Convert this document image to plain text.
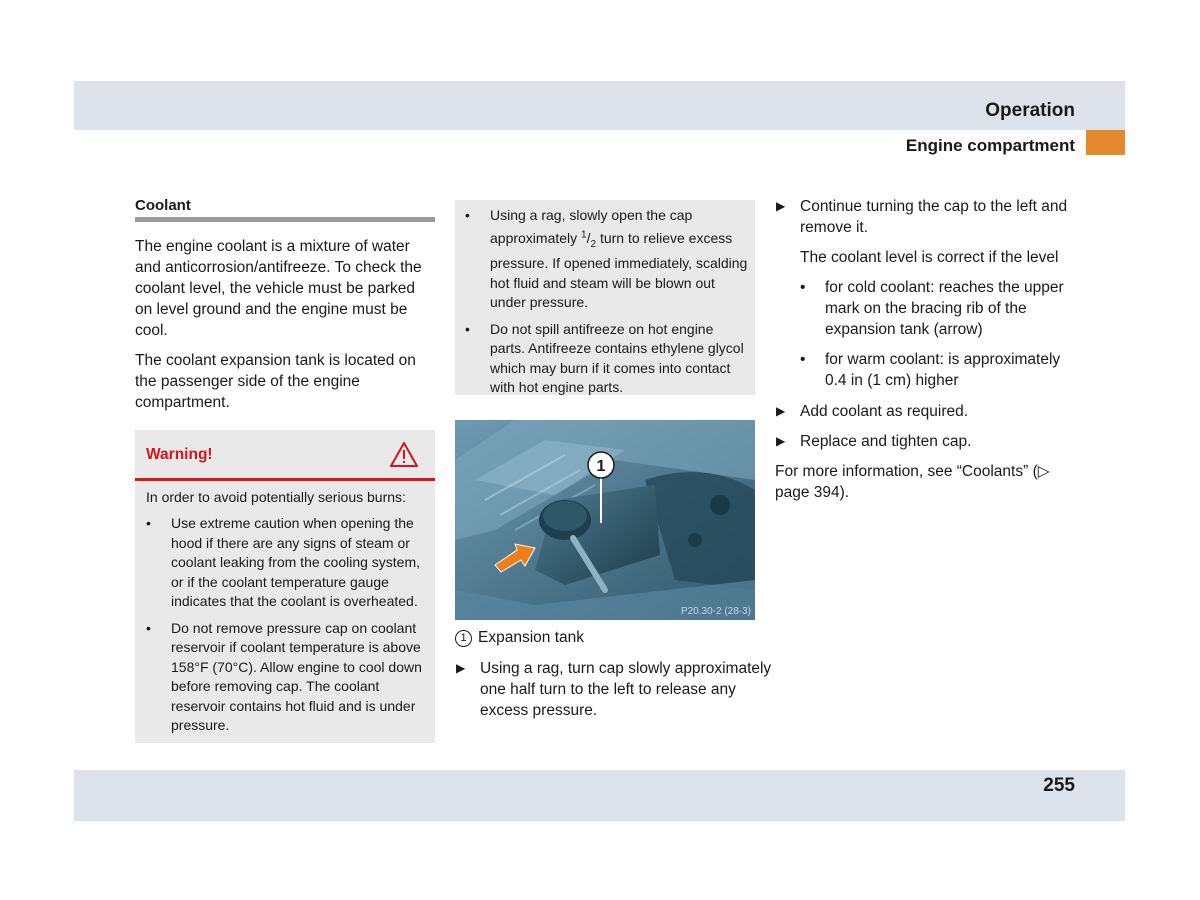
Operation
Engine compartment
Coolant

The engine coolant is a mixture of water and anticorrosion/antifreeze. To check the coolant level, the vehicle must be parked on level ground and the engine must be cool.

The coolant expansion tank is located on the passenger side of the engine compartment.

Warning!
In order to avoid potentially serious burns:
• Use extreme caution when opening the hood if there are any signs of steam or coolant leaking from the cooling system, or if the coolant temperature gauge indicates that the coolant is overheated.
• Do not remove pressure cap on coolant reservoir if coolant temperature is above 158°F (70°C). Allow engine to cool down before removing cap. The coolant reservoir contains hot fluid and is under pressure.
• Using a rag, slowly open the cap approximately $^1/_2$ turn to relieve excess pressure. If opened immediately, scalding hot fluid and steam will be blown out under pressure.
• Do not spill antifreeze on hot engine parts. Antifreeze contains ethylene glycol which may burn if it comes into contact with hot engine parts.
1
P20.30-2 (28-3)

1 Expansion tank

▶ Using a rag, turn cap slowly approximately one half turn to the left to release any excess pressure.
▶ Continue turning the cap to the left and remove it.

The coolant level is correct if the level

• for cold coolant: reaches the upper mark on the bracing rib of the expansion tank (arrow)
• for warm coolant: is approximately 0.4 in (1 cm) higher
▶ Add coolant as required.
▶ Replace and tighten cap.

For more information, see “Coolants” (▷ page 394).

255
